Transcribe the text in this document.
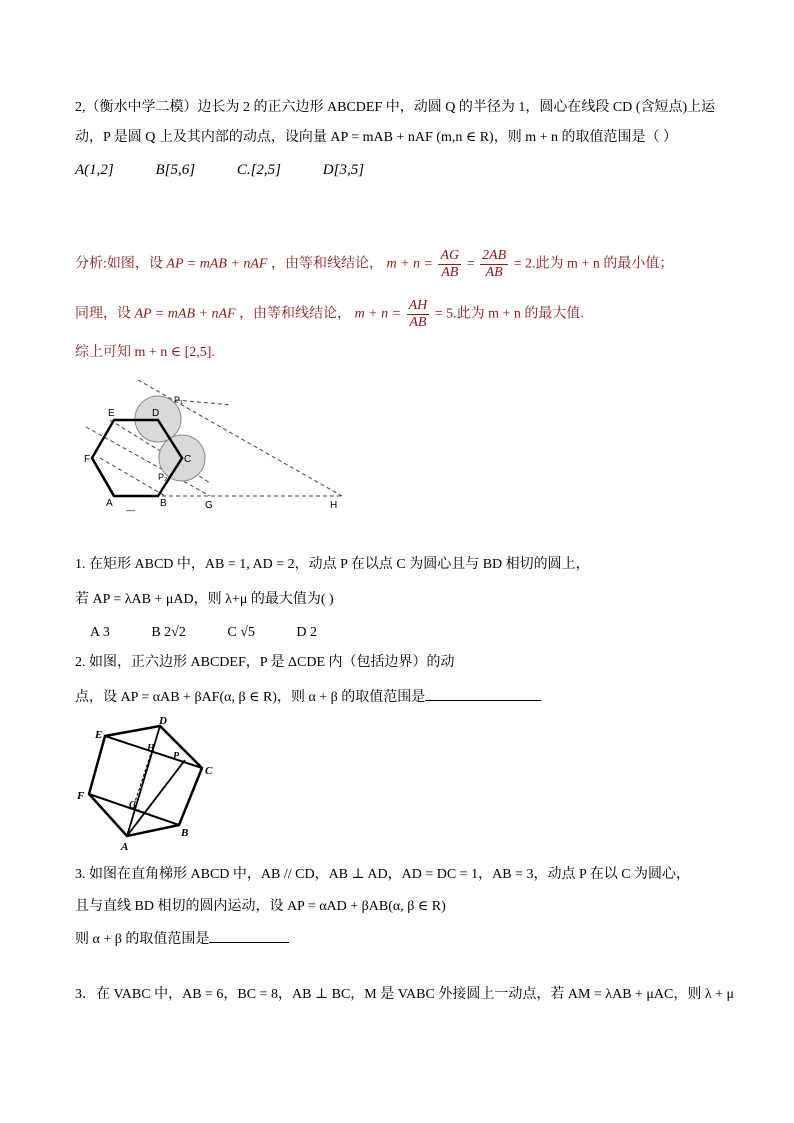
2,（衡水中学二模）边长为 2 的正六边形 ABCDEF 中，动圆 Q 的半径为 1，圆心在线段 CD (含短点)上运
动，P 是圆 Q 上及其内部的动点，设向量 AP = mAB + nAF (m,n ∈ R)，则 m + n 的取值范围是（ ）
A(1,2]	B[5,6]	C.[2,5]	D[3,5]
分析:如图，设 AP = mAB + nAF ，由等和线结论， $m + n = \frac{AG}{AB} = \frac{2AB}{AB} = 2$.此为 m + n 的最小值；
同理，设 AP = mAB + nAF ，由等和线结论， $m + n = \frac{AH}{AB} = 5$.此为 m + n 的最大值.
综上可知 m + n ∈ [2,5].
E	D
P₁
F	C
P₂
A	B	G	H
—
1. 在矩形 ABCD 中，AB = 1, AD = 2，动点 P 在以点 C 为圆心且与 BD 相切的圆上，
若 AP = λAB + μAD，则 λ+μ 的最大值为( )
A 3	B 2√2	C √5	D 2
2. 如图，正六边形 ABCDEF，P 是 ΔCDE 内（包括边界）的动
点，设 AP = αAB + βAF(α, β ∈ R)，则 α + β 的取值范围是
D
E
H
P
C
F
G
A
B
3. 如图在直角梯形 ABCD 中，AB // CD，AB ⊥ AD，AD = DC = 1，AB = 3，动点 P 在以 C 为圆心，
且与直线 BD 相切的圆内运动，设 AP = αAD + βAB(α, β ∈ R)
则 α + β 的取值范围是
3．在 VABC 中，AB = 6，BC = 8，AB ⊥ BC，M 是 VABC 外接圆上一动点，若 AM = λAB + μAC，则 λ + μ
